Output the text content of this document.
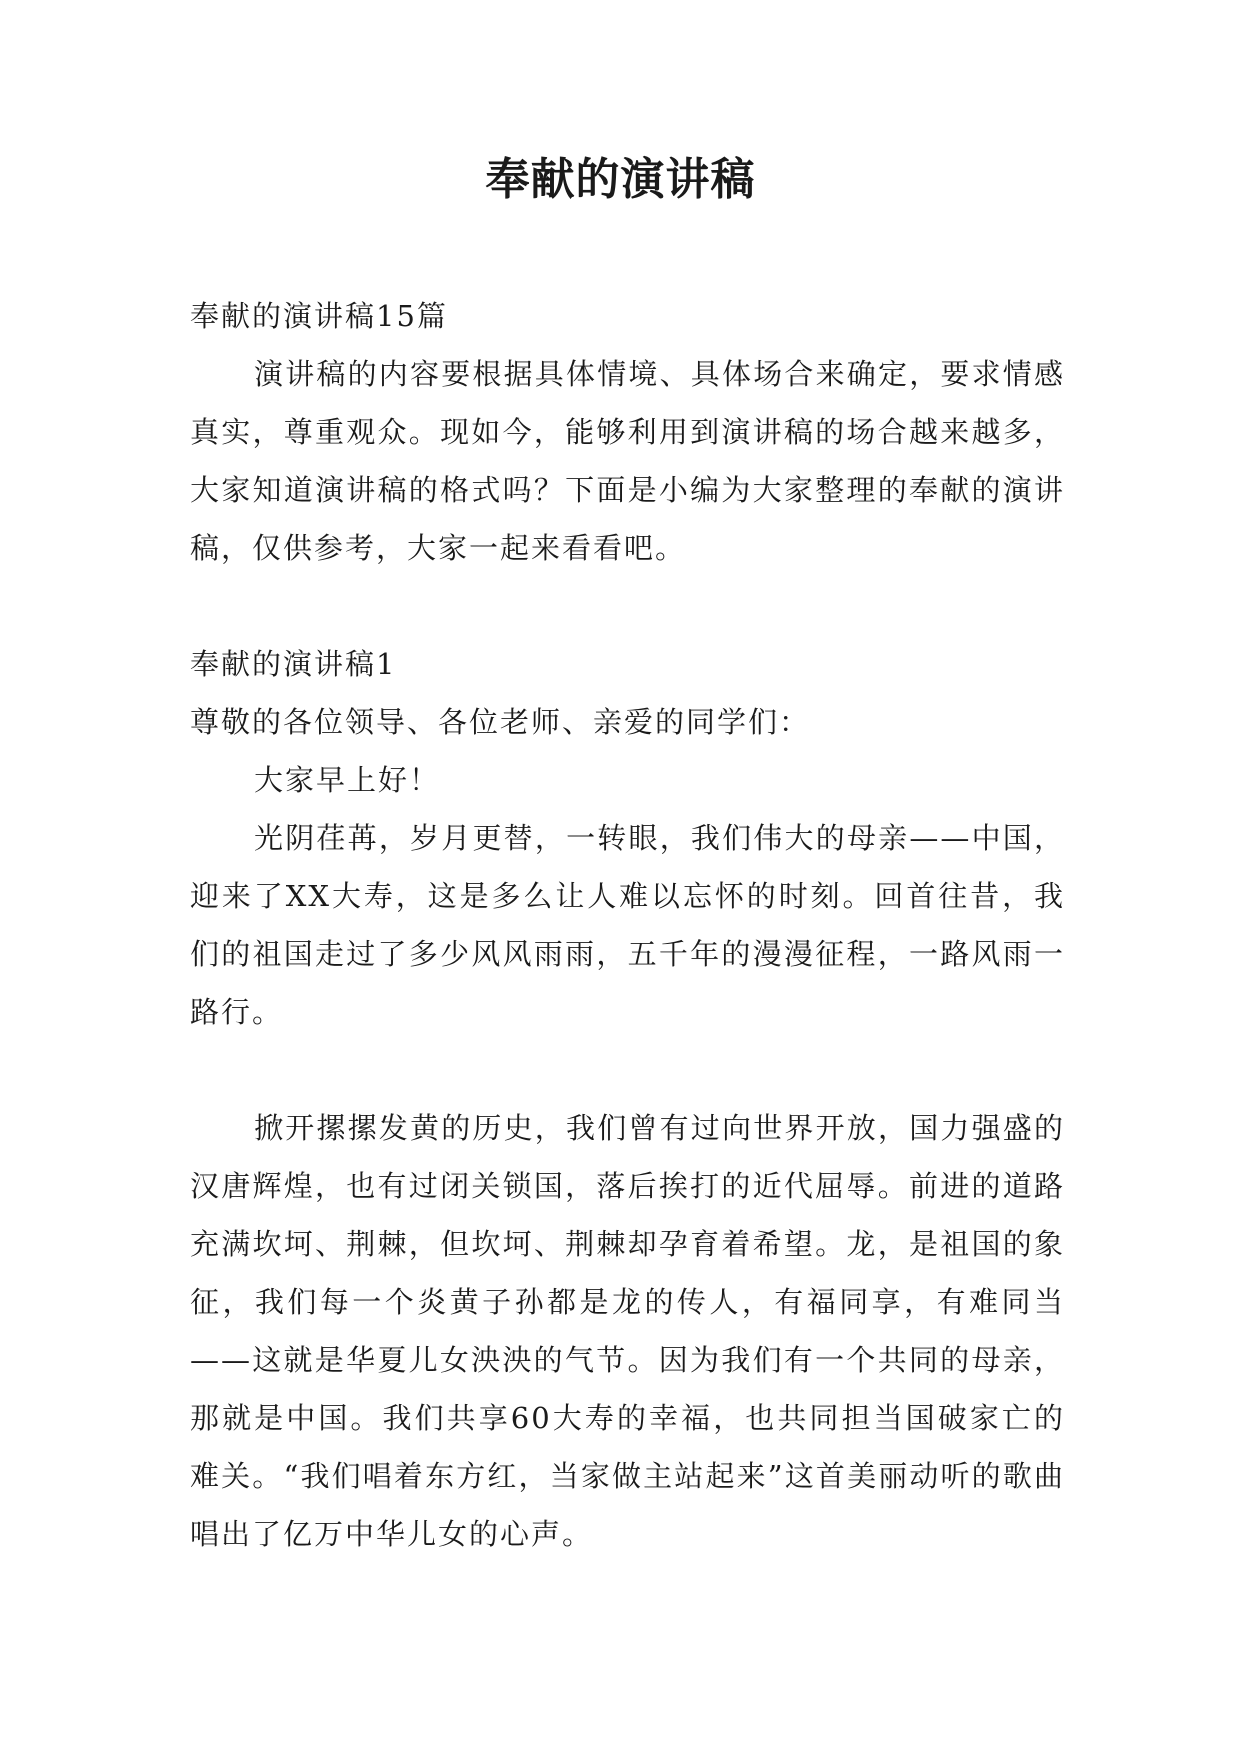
奉献的演讲稿

奉献的演讲稿15篇

演讲稿的内容要根据具体情境、具体场合来确定，要求情感真实，尊重观众。现如今，能够利用到演讲稿的场合越来越多，大家知道演讲稿的格式吗？下面是小编为大家整理的奉献的演讲稿，仅供参考，大家一起来看看吧。

奉献的演讲稿1

尊敬的各位领导、各位老师、亲爱的同学们：

大家早上好！

光阴荏苒，岁月更替，一转眼，我们伟大的母亲——中国，迎来了XX大寿，这是多么让人难以忘怀的时刻。回首往昔，我们的祖国走过了多少风风雨雨，五千年的漫漫征程，一路风雨一路行。

掀开摞摞发黄的历史，我们曾有过向世界开放，国力强盛的汉唐辉煌，也有过闭关锁国，落后挨打的近代屈辱。前进的道路充满坎坷、荆棘，但坎坷、荆棘却孕育着希望。龙，是祖国的象征，我们每一个炎黄子孙都是龙的传人，有福同享，有难同当——这就是华夏儿女泱泱的气节。因为我们有一个共同的母亲，那就是中国。我们共享60大寿的幸福，也共同担当国破家亡的难关。“我们唱着东方红，当家做主站起来”这首美丽动听的歌曲唱出了亿万中华儿女的心声。
